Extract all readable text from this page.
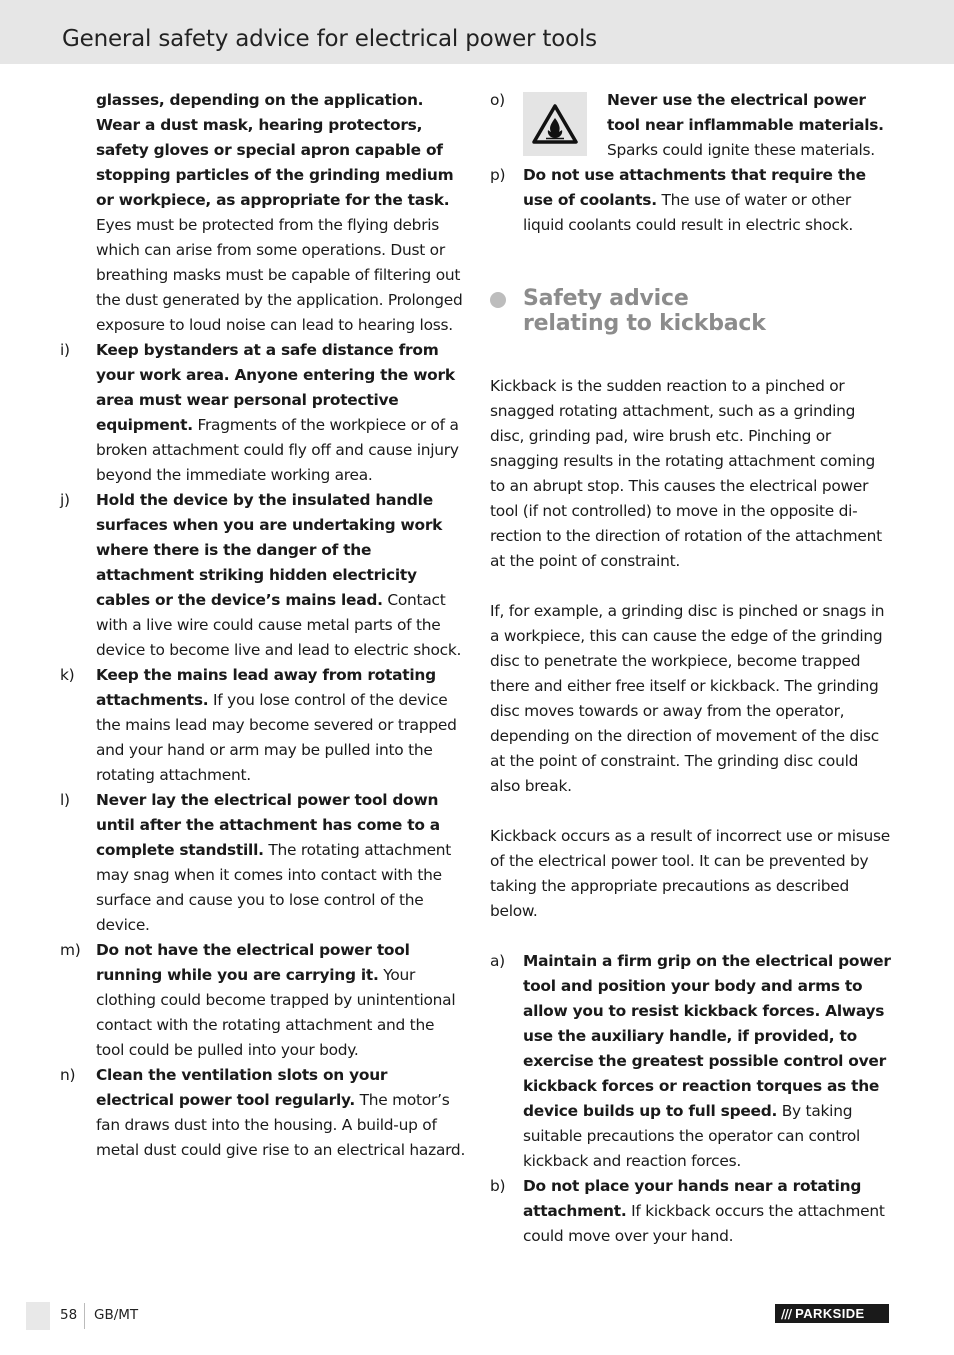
General safety advice for electrical power tools
glasses, depending on the application. Wear a dust mask, hearing protectors, safety gloves or special apron capable of stopping particles of the grinding medium or workpiece, as appropriate for the task. Eyes must be protected from the flying debris which can arise from some operations. Dust or breathing masks must be capable of filtering out the dust generated by the application. Prolonged exposure to loud noise can lead to hearing loss.
i)	Keep bystanders at a safe distance from your work area. Anyone entering the work area must wear personal protective equipment. Fragments of the workpiece or of a broken attachment could fly off and cause injury beyond the immediate working area.
j)	Hold the device by the insulated handle surfaces when you are undertaking work where there is the danger of the attachment striking hidden electricity cables or the device’s mains lead. Contact with a live wire could cause metal parts of the device to become live and lead to electric shock.
k)	Keep the mains lead away from rotating attachments. If you lose control of the device the mains lead may become severed or trapped and your hand or arm may be pulled into the rotating attachment.
l)	Never lay the electrical power tool down until after the attachment has come to a complete standstill. The rotating attachment may snag when it comes into contact with the surface and cause you to lose control of the device.
m)	Do not have the electrical power tool running while you are carrying it. Your clothing could become trapped by unintentional contact with the rotating attachment and the tool could be pulled into your body.
n)	Clean the ventilation slots on your electrical power tool regularly. The motor’s fan draws dust into the housing. A build-up of metal dust could give rise to an electrical hazard.
o)	Never use the electrical power tool near inflammable materials. Sparks could ignite these materials.
p)	Do not use attachments that require the use of coolants. The use of water or other liquid coolants could result in electric shock.
Safety advice
relating to kickback

Kickback is the sudden reaction to a pinched or snagged rotating attachment, such as a grinding disc, grinding pad, wire brush etc. Pinching or snagging results in the rotating attachment coming to an abrupt stop. This causes the electrical power tool (if not controlled) to move in the opposite direction to the direction of rotation of the attachment at the point of constraint.

If, for example, a grinding disc is pinched or snags in a workpiece, this can cause the edge of the grinding disc to penetrate the workpiece, become trapped there and either free itself or kickback. The grinding disc moves towards or away from the operator, depending on the direction of movement of the disc at the point of constraint. The grinding disc could also break.

Kickback occurs as a result of incorrect use or misuse of the electrical power tool. It can be prevented by taking the appropriate precautions as described below.

a)	Maintain a firm grip on the electrical power tool and position your body and arms to allow you to resist kickback forces. Always use the auxiliary handle, if provided, to exercise the greatest possible control over kickback forces or reaction torques as the device builds up to full speed. By taking suitable precautions the operator can control kickback and reaction forces.
b)	Do not place your hands near a rotating attachment. If kickback occurs the attachment could move over your hand.
58 GB/MT	/// PARKSIDE
